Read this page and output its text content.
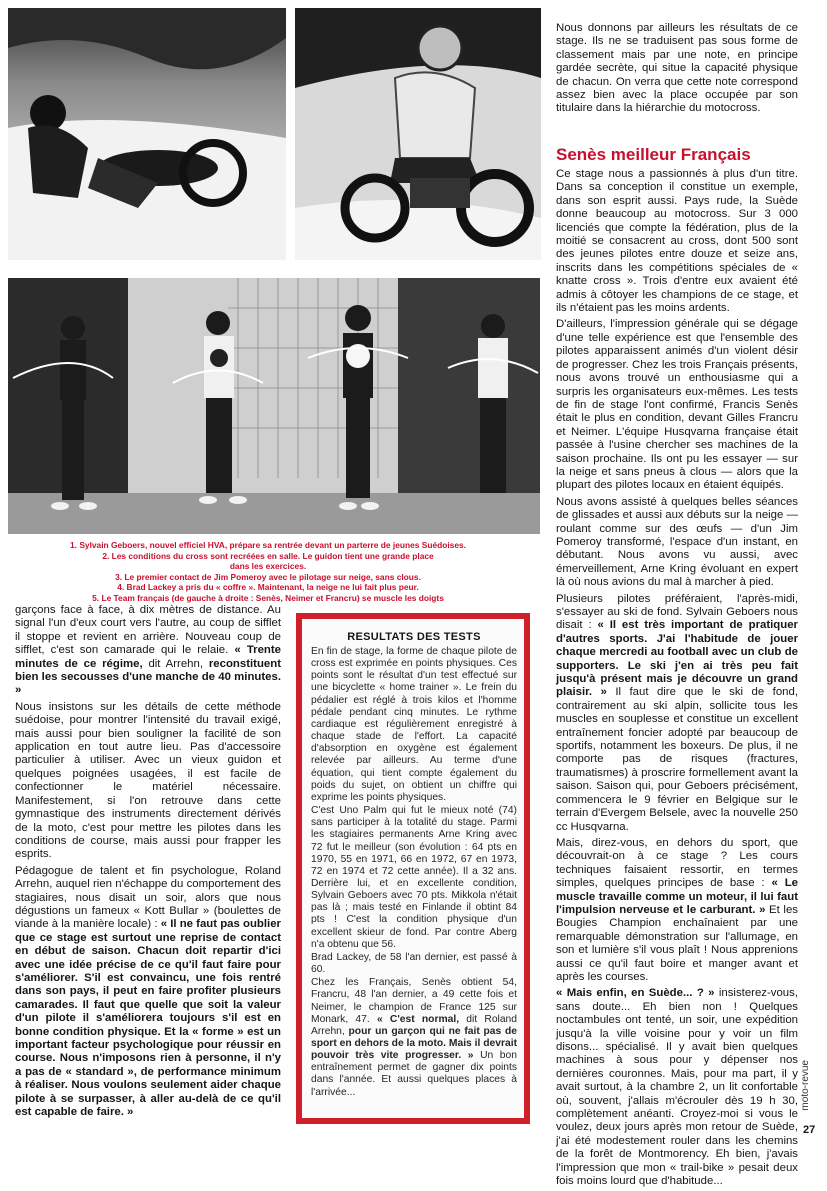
1. Sylvain Geboers, nouvel efficiel HVA, prépare sa rentrée devant un parterre de jeunes Suédoises.
2. Les conditions du cross sont recréées en salle. Le guidon tient une grande place
dans les exercices.
3. Le premier contact de Jim Pomeroy avec le pilotage sur neige, sans clous.
4. Brad Lackey a pris du « coffre ». Maintenant, la neige ne lui fait plus peur.
5. Le Team français (de gauche à droite : Senès, Neimer et Francru) se muscle les doigts

Nous donnons par ailleurs les résultats de ce stage. Ils ne se traduisent pas sous forme de classement mais par une note, en principe gardée secrète, qui situe la capacité physique de chacun. On verra que cette note correspond assez bien avec la place occupée par son titulaire dans la hiérarchie du motocross.

Senès meilleur Français

Ce stage nous a passionnés à plus d'un titre. Dans sa conception il constitue un exemple, dans son esprit aussi. Pays rude, la Suède donne beaucoup au motocross. Sur 3 000 licenciés que compte la fédération, plus de la moitié se consacrent au cross, dont 500 sont des jeunes pilotes entre douze et seize ans, inscrits dans les compétitions spéciales de « knatte cross ». Trois d'entre eux avaient été admis à côtoyer les champions de ce stage, et ils n'étaient pas les moins ardents.

D'ailleurs, l'impression générale qui se dégage d'une telle expérience est que l'ensemble des pilotes apparaissent animés d'un violent désir de progresser. Chez les trois Français présents, nous avons trouvé un enthousiasme qui a surpris les organisateurs eux-mêmes. Les tests de fin de stage l'ont confirmé, Francis Senès était le plus en condition, devant Gilles Francru et Neimer. L'équipe Husqvarna française était passée à l'usine chercher ses machines de la saison prochaine. Ils ont pu les essayer — sur la neige et sans pneus à clous — alors que la plupart des pilotes locaux en étaient équipés.

Nous avons assisté à quelques belles séances de glissades et aussi aux débuts sur la neige — roulant comme sur des œufs — d'un Jim Pomeroy transformé, l'espace d'un instant, en débutant. Nous avons vu aussi, avec émerveillement, Arne Kring évoluant en expert là où nous avions du mal à marcher à pied.

Plusieurs pilotes préféraient, l'après-midi, s'essayer au ski de fond. Sylvain Geboers nous disait : « Il est très important de pratiquer d'autres sports. J'ai l'habitude de jouer chaque mercredi au football avec un club de supporters. Le ski j'en ai très peu fait jusqu'à présent mais je découvre un grand plaisir. » Il faut dire que le ski de fond, contrairement au ski alpin, sollicite tous les muscles en souplesse et constitue un excellent entraînement foncier adopté par beaucoup de sportifs, notamment les boxeurs. De plus, il ne comporte pas de risques (fractures, traumatismes) à proscrire formellement avant la saison. Saison qui, pour Geboers précisément, commencera le 9 février en Belgique sur le terrain d'Evergem Belsele, avec la nouvelle 250 cc Husqvarna.

Mais, direz-vous, en dehors du sport, que découvrait-on à ce stage ? Les cours techniques faisaient ressortir, en termes simples, quelques principes de base : « Le muscle travaille comme un moteur, il lui faut l'impulsion nerveuse et le carburant. » Et les Bougies Champion enchaînaient par une remarquable démonstration sur l'allumage, en son et lumière s'il vous plaît ! Nous apprenions aussi ce qu'il faut boire et manger avant et après les courses.

« Mais enfin, en Suède... ? » insisterez-vous, sans doute... Eh bien non ! Quelques noctambules ont tenté, un soir, une expédition jusqu'à la ville voisine pour y voir un film disons... spécialisé. Il y avait bien quelques machines à sous pour y dépenser nos dernières couronnes. Mais, pour ma part, il y avait surtout, à la chambre 2, un lit confortable où, souvent, j'allais m'écrouler dès 19 h 30, complètement anéanti. Croyez-moi si vous le voulez, deux jours après mon retour de Suède, j'ai été modestement rouler dans les chemins de la forêt de Montmorency. Eh bien, j'avais l'impression que mon « trail-bike » pesait deux fois moins lourd que d'habitude...

garçons face à face, à dix mètres de distance. Au signal l'un d'eux court vers l'autre, au coup de sifflet il stoppe et revient en arrière. Nouveau coup de sifflet, c'est son camarade qui le relaie. « Trente minutes de ce régime, dit Arrehn, reconstituent bien les secousses d'une manche de 40 minutes. »

Nous insistons sur les détails de cette méthode suédoise, pour montrer l'intensité du travail exigé, mais aussi pour bien souligner la facilité de son application en tout autre lieu. Pas d'accessoire particulier à utiliser. Avec un vieux guidon et quelques poignées usagées, il est facile de confectionner le matériel nécessaire. Manifestement, si l'on retrouve dans cette gymnastique des instruments directement dérivés de la moto, c'est pour mettre les pilotes dans les conditions de course, mais aussi pour frapper les esprits.

Pédagogue de talent et fin psychologue, Roland Arrehn, auquel rien n'échappe du comportement des stagiaires, nous disait un soir, alors que nous dégustions un fameux « Kott Bullar » (boulettes de viande à la manière locale) : « Il ne faut pas oublier que ce stage est surtout une reprise de contact en début de saison. Chacun doit repartir d'ici avec une idée précise de ce qu'il faut faire pour s'améliorer. S'il est convaincu, une fois rentré dans son pays, il peut en faire profiter plusieurs camarades. Il faut que quelle que soit la valeur d'un pilote il s'améliorera toujours s'il est en bonne condition physique. Et la « forme » est un important facteur psychologique pour réussir en course. Nous n'imposons rien à personne, il n'y a pas de « standard », de performance minimum à réaliser. Nous voulons seulement aider chaque pilote à se surpasser, à aller au-delà de ce qu'il est capable de faire. »

RESULTATS DES TESTS

En fin de stage, la forme de chaque pilote de cross est exprimée en points physiques. Ces points sont le résultat d'un test effectué sur une bicyclette « home trainer ». Le frein du pédalier est réglé à trois kilos et l'homme pédale pendant cinq minutes. Le rythme cardiaque est régulièrement enregistré à chaque stade de l'effort. La capacité d'absorption en oxygène est également relevée par ailleurs. Au terme d'une équation, qui tient compte également du poids du sujet, on obtient un chiffre qui exprime les points physiques.

C'est Uno Palm qui fut le mieux noté (74) sans participer à la totalité du stage. Parmi les stagiaires permanents Arne Kring avec 72 fut le meilleur (son évolution : 64 pts en 1970, 55 en 1971, 66 en 1972, 67 en 1973, 72 en 1974 et 72 cette année). Il a 32 ans. Derrière lui, et en excellente condition, Sylvain Geboers avec 70 pts. Mikkola n'était pas là ; mais testé en Finlande il obtint 84 pts ! C'est la condition physique d'un excellent skieur de fond. Par contre Aberg n'a obtenu que 56.

Brad Lackey, de 58 l'an dernier, est passé à 60.

Chez les Français, Senès obtient 54, Francru, 48 l'an dernier, a 49 cette fois et Neimer, le champion de France 125 sur Monark, 47. « C'est normal, dit Roland Arrehn, pour un garçon qui ne fait pas de sport en dehors de la moto. Mais il devrait pouvoir très vite progresser. » Un bon entraînement permet de gagner dix points dans l'année. Et aussi quelques places à l'arrivée...	moto-revue
27
